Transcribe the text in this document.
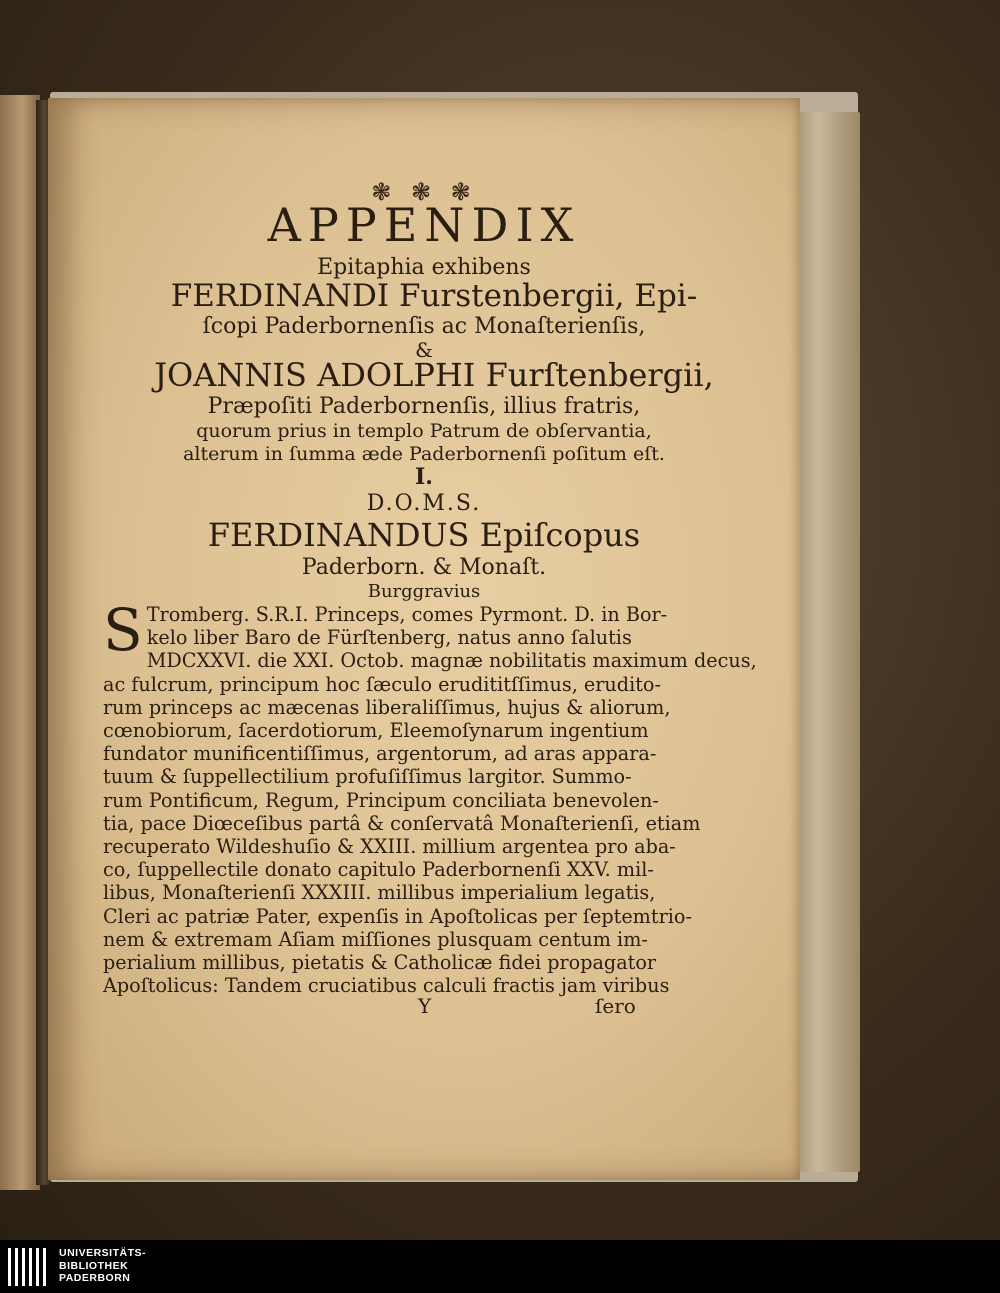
❃ ❃ ❃
APPENDIX
Epitaphia exhibens
FERDINANDI Furstenbergii, Epi-
ſcopi Paderbornenſis ac Monaſterienſis,
&
JOANNIS ADOLPHI Furſtenbergii,
Præpoſiti Paderbornenſis, illius fratris,
quorum prius in templo Patrum de obſervantia,
alterum in ſumma æde Paderbornenſi poſitum eſt.
I.
D.O.M.S.
FERDINANDUS Epiſcopus
Paderborn. & Monaſt.
Burggravius
S Tromberg. S.R.I. Princeps, comes Pyrmont. D. in Bor-
kelo liber Baro de Fürſtenberg, natus anno ſalutis
MDCXXVI. die XXI. Octob. magnæ nobilitatis maximum decus,
ac fulcrum, principum hoc ſæculo erudititſſimus, erudito-
rum princeps ac mæcenas liberaliſſimus, hujus & aliorum,
cœnobiorum, ſacerdotiorum, Eleemoſynarum ingentium
fundator munificentiſſimus, argentorum, ad aras appara-
tuum & ſuppellectilium profuſiſſimus largitor. Summo-
rum Pontificum, Regum, Principum conciliata benevolen-
tia, pace Diœceſibus partâ & conſervatâ Monaſterienſi, etiam
recuperato Wildeshuſio & XXIII. millium argentea pro aba-
co, ſuppellectile donato capitulo Paderbornenſi XXV. mil-
libus, Monaſterienſi XXXIII. millibus imperialium legatis,
Cleri ac patriæ Pater, expenſis in Apoſtolicas per ſeptemtrio-
nem & extremam Aſiam miſſiones plusquam centum im-
perialium millibus, pietatis & Catholicæ fidei propagator
Apoſtolicus: Tandem cruciatibus calculi fractis jam viribus
Y	ſero
UNIVERSITÄTS-
BIBLIOTHEK
PADERBORN
